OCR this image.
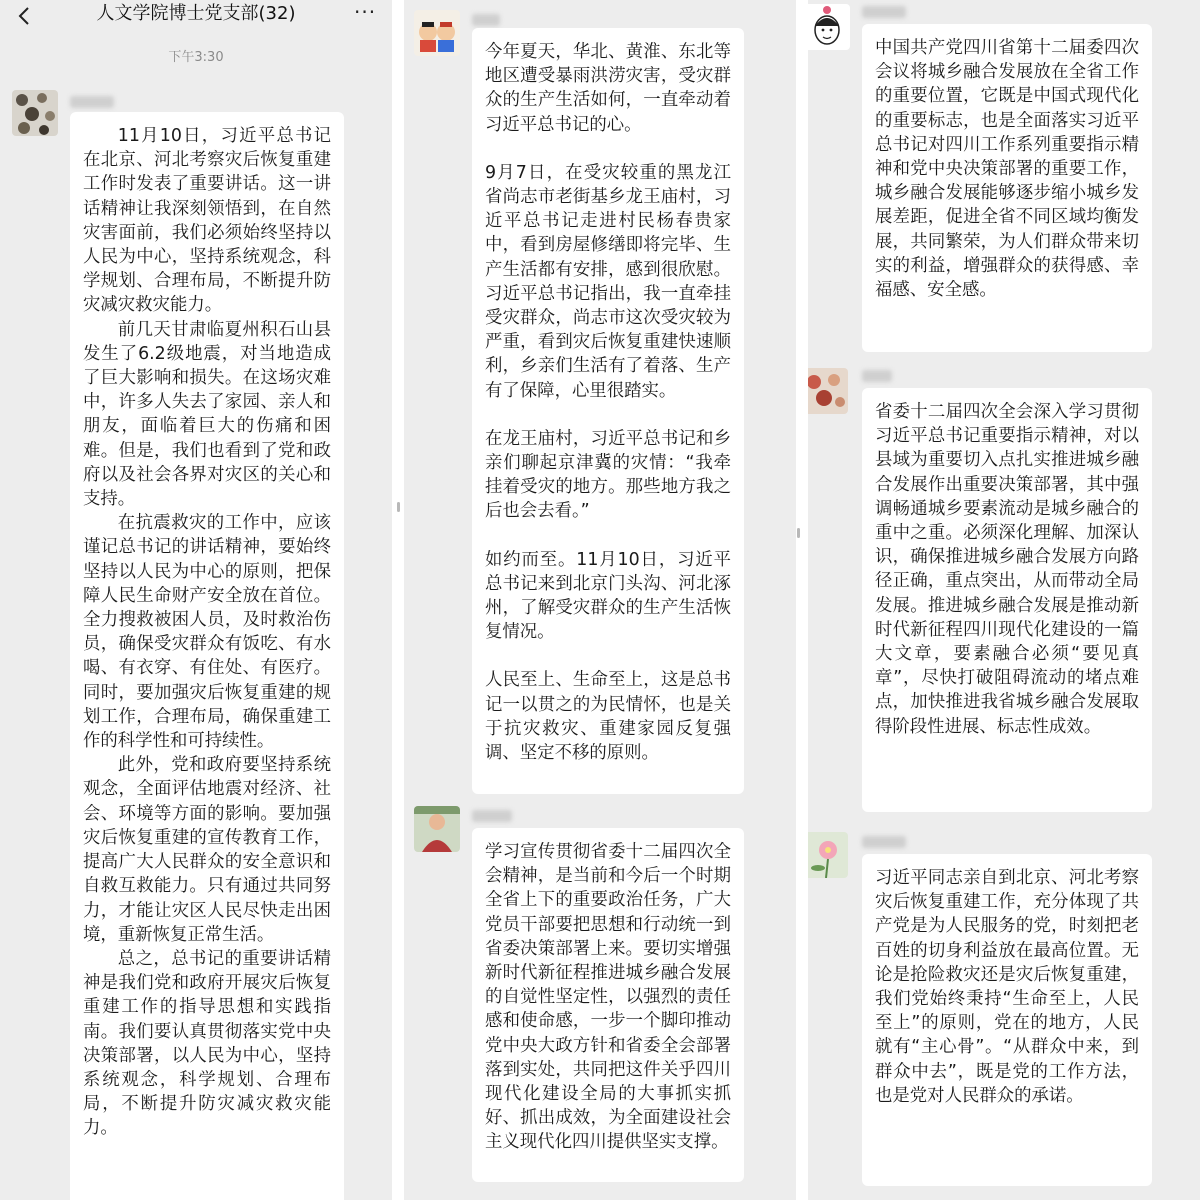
人文学院博士党支部(32)	···
下午3:30

11月10日，习近平总书记在北京、河北考察灾后恢复重建工作时发表了重要讲话。这一讲话精神让我深刻领悟到，在自然灾害面前，我们必须始终坚持以人民为中心，坚持系统观念，科学规划、合理布局，不断提升防灾减灾救灾能力。

前几天甘肃临夏州积石山县发生了6.2级地震，对当地造成了巨大影响和损失。在这场灾难中，许多人失去了家园、亲人和朋友，面临着巨大的伤痛和困难。但是，我们也看到了党和政府以及社会各界对灾区的关心和支持。

在抗震救灾的工作中，应该谨记总书记的讲话精神，要始终坚持以人民为中心的原则，把保障人民生命财产安全放在首位。全力搜救被困人员，及时救治伤员，确保受灾群众有饭吃、有水喝、有衣穿、有住处、有医疗。同时，要加强灾后恢复重建的规划工作，合理布局，确保重建工作的科学性和可持续性。

此外，党和政府要坚持系统观念，全面评估地震对经济、社会、环境等方面的影响。要加强灾后恢复重建的宣传教育工作，提高广大人民群众的安全意识和自救互救能力。只有通过共同努力，才能让灾区人民尽快走出困境，重新恢复正常生活。

总之，总书记的重要讲话精神是我们党和政府开展灾后恢复重建工作的指导思想和实践指南。我们要认真贯彻落实党中央决策部署，以人民为中心，坚持系统观念，科学规划、合理布局，不断提升防灾减灾救灾能力。

今年夏天，华北、黄淮、东北等地区遭受暴雨洪涝灾害，受灾群众的生产生活如何，一直牵动着习近平总书记的心。

9月7日，在受灾较重的黑龙江省尚志市老街基乡龙王庙村，习近平总书记走进村民杨春贵家中，看到房屋修缮即将完毕、生产生活都有安排，感到很欣慰。习近平总书记指出，我一直牵挂受灾群众，尚志市这次受灾较为严重，看到灾后恢复重建快速顺利，乡亲们生活有了着落、生产有了保障，心里很踏实。

在龙王庙村，习近平总书记和乡亲们聊起京津冀的灾情：“我牵挂着受灾的地方。那些地方我之后也会去看。”

如约而至。11月10日，习近平总书记来到北京门头沟、河北涿州，了解受灾群众的生产生活恢复情况。

人民至上、生命至上，这是总书记一以贯之的为民情怀，也是关于抗灾救灾、重建家园反复强调、坚定不移的原则。

学习宣传贯彻省委十二届四次全会精神，是当前和今后一个时期全省上下的重要政治任务，广大党员干部要把思想和行动统一到省委决策部署上来。要切实增强新时代新征程推进城乡融合发展的自觉性坚定性，以强烈的责任感和使命感，一步一个脚印推动党中央大政方针和省委全会部署落到实处，共同把这件关乎四川现代化建设全局的大事抓实抓好、抓出成效，为全面建设社会主义现代化四川提供坚实支撑。

中国共产党四川省第十二届委四次会议将城乡融合发展放在全省工作的重要位置，它既是中国式现代化的重要标志，也是全面落实习近平总书记对四川工作系列重要指示精神和党中央决策部署的重要工作，城乡融合发展能够逐步缩小城乡发展差距，促进全省不同区域均衡发展，共同繁荣，为人们群众带来切实的利益，增强群众的获得感、幸福感、安全感。

省委十二届四次全会深入学习贯彻习近平总书记重要指示精神，对以县域为重要切入点扎实推进城乡融合发展作出重要决策部署，其中强调畅通城乡要素流动是城乡融合的重中之重。必须深化理解、加深认识，确保推进城乡融合发展方向路径正确，重点突出，从而带动全局发展。推进城乡融合发展是推动新时代新征程四川现代化建设的一篇大文章，要素融合必须“要见真章”，尽快打破阻碍流动的堵点难点，加快推进我省城乡融合发展取得阶段性进展、标志性成效。

习近平同志亲自到北京、河北考察灾后恢复重建工作，充分体现了共产党是为人民服务的党，时刻把老百姓的切身利益放在最高位置。无论是抢险救灾还是灾后恢复重建，我们党始终秉持“生命至上，人民至上”的原则，党在的地方，人民就有“主心骨”。“从群众中来，到群众中去”，既是党的工作方法，也是党对人民群众的承诺。
